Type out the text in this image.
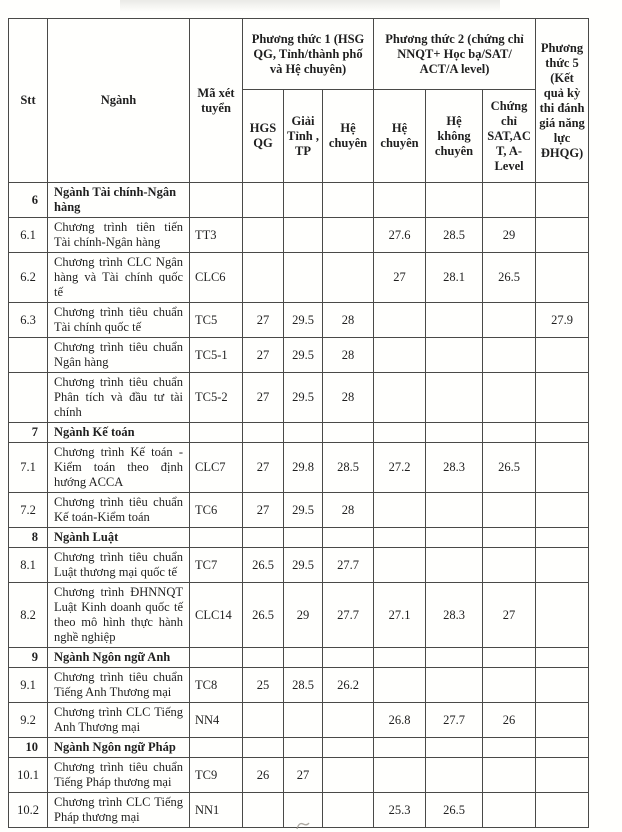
Stt	Ngành	Mã xét tuyển	Phương thức 1 (HSG QG, Tỉnh/thành phố và Hệ chuyên)			Phương thức 2 (chứng chỉ NNQT+ Học bạ/SAT/ ACT/A level)			Phương thức 5 (Kết quả kỳ thi đánh giá năng lực ĐHQG)
			HGS QG	Giải Tỉnh , TP	Hệ chuyên	Hệ chuyên	Hệ không chuyên	Chứng chỉ SAT,ACT, A-Level	
6	Ngành Tài chính-Ngân hàng								
6.1	Chương trình tiên tiến Tài chính-Ngân hàng	TT3				27.6	28.5	29	
6.2	Chương trình CLC Ngân hàng và Tài chính quốc tế	CLC6				27	28.1	26.5	
6.3	Chương trình tiêu chuẩn Tài chính quốc tế	TC5	27	29.5	28				27.9
	Chương trình tiêu chuẩn Ngân hàng	TC5-1	27	29.5	28				
	Chương trình tiêu chuẩn Phân tích và đầu tư tài chính	TC5-2	27	29.5	28				
7	Ngành Kế toán								
7.1	Chương trình Kế toán - Kiểm toán theo định hướng ACCA	CLC7	27	29.8	28.5	27.2	28.3	26.5	
7.2	Chương trình tiêu chuẩn Kế toán-Kiểm toán	TC6	27	29.5	28				
8	Ngành Luật								
8.1	Chương trình tiêu chuẩn Luật thương mại quốc tế	TC7	26.5	29.5	27.7				
8.2	Chương trình ĐHNNQT Luật Kinh doanh quốc tế theo mô hình thực hành nghề nghiệp	CLC14	26.5	29	27.7	27.1	28.3	27	
9	Ngành Ngôn ngữ Anh								
9.1	Chương trình tiêu chuẩn Tiếng Anh Thương mại	TC8	25	28.5	26.2				
9.2	Chương trình CLC Tiếng Anh Thương mại	NN4				26.8	27.7	26	
10	Ngành Ngôn ngữ Pháp								
10.1	Chương trình tiêu chuẩn Tiếng Pháp thương mại	TC9	26	27					
10.2	Chương trình CLC Tiếng Pháp thương mại	NN1				25.3	26.5		
